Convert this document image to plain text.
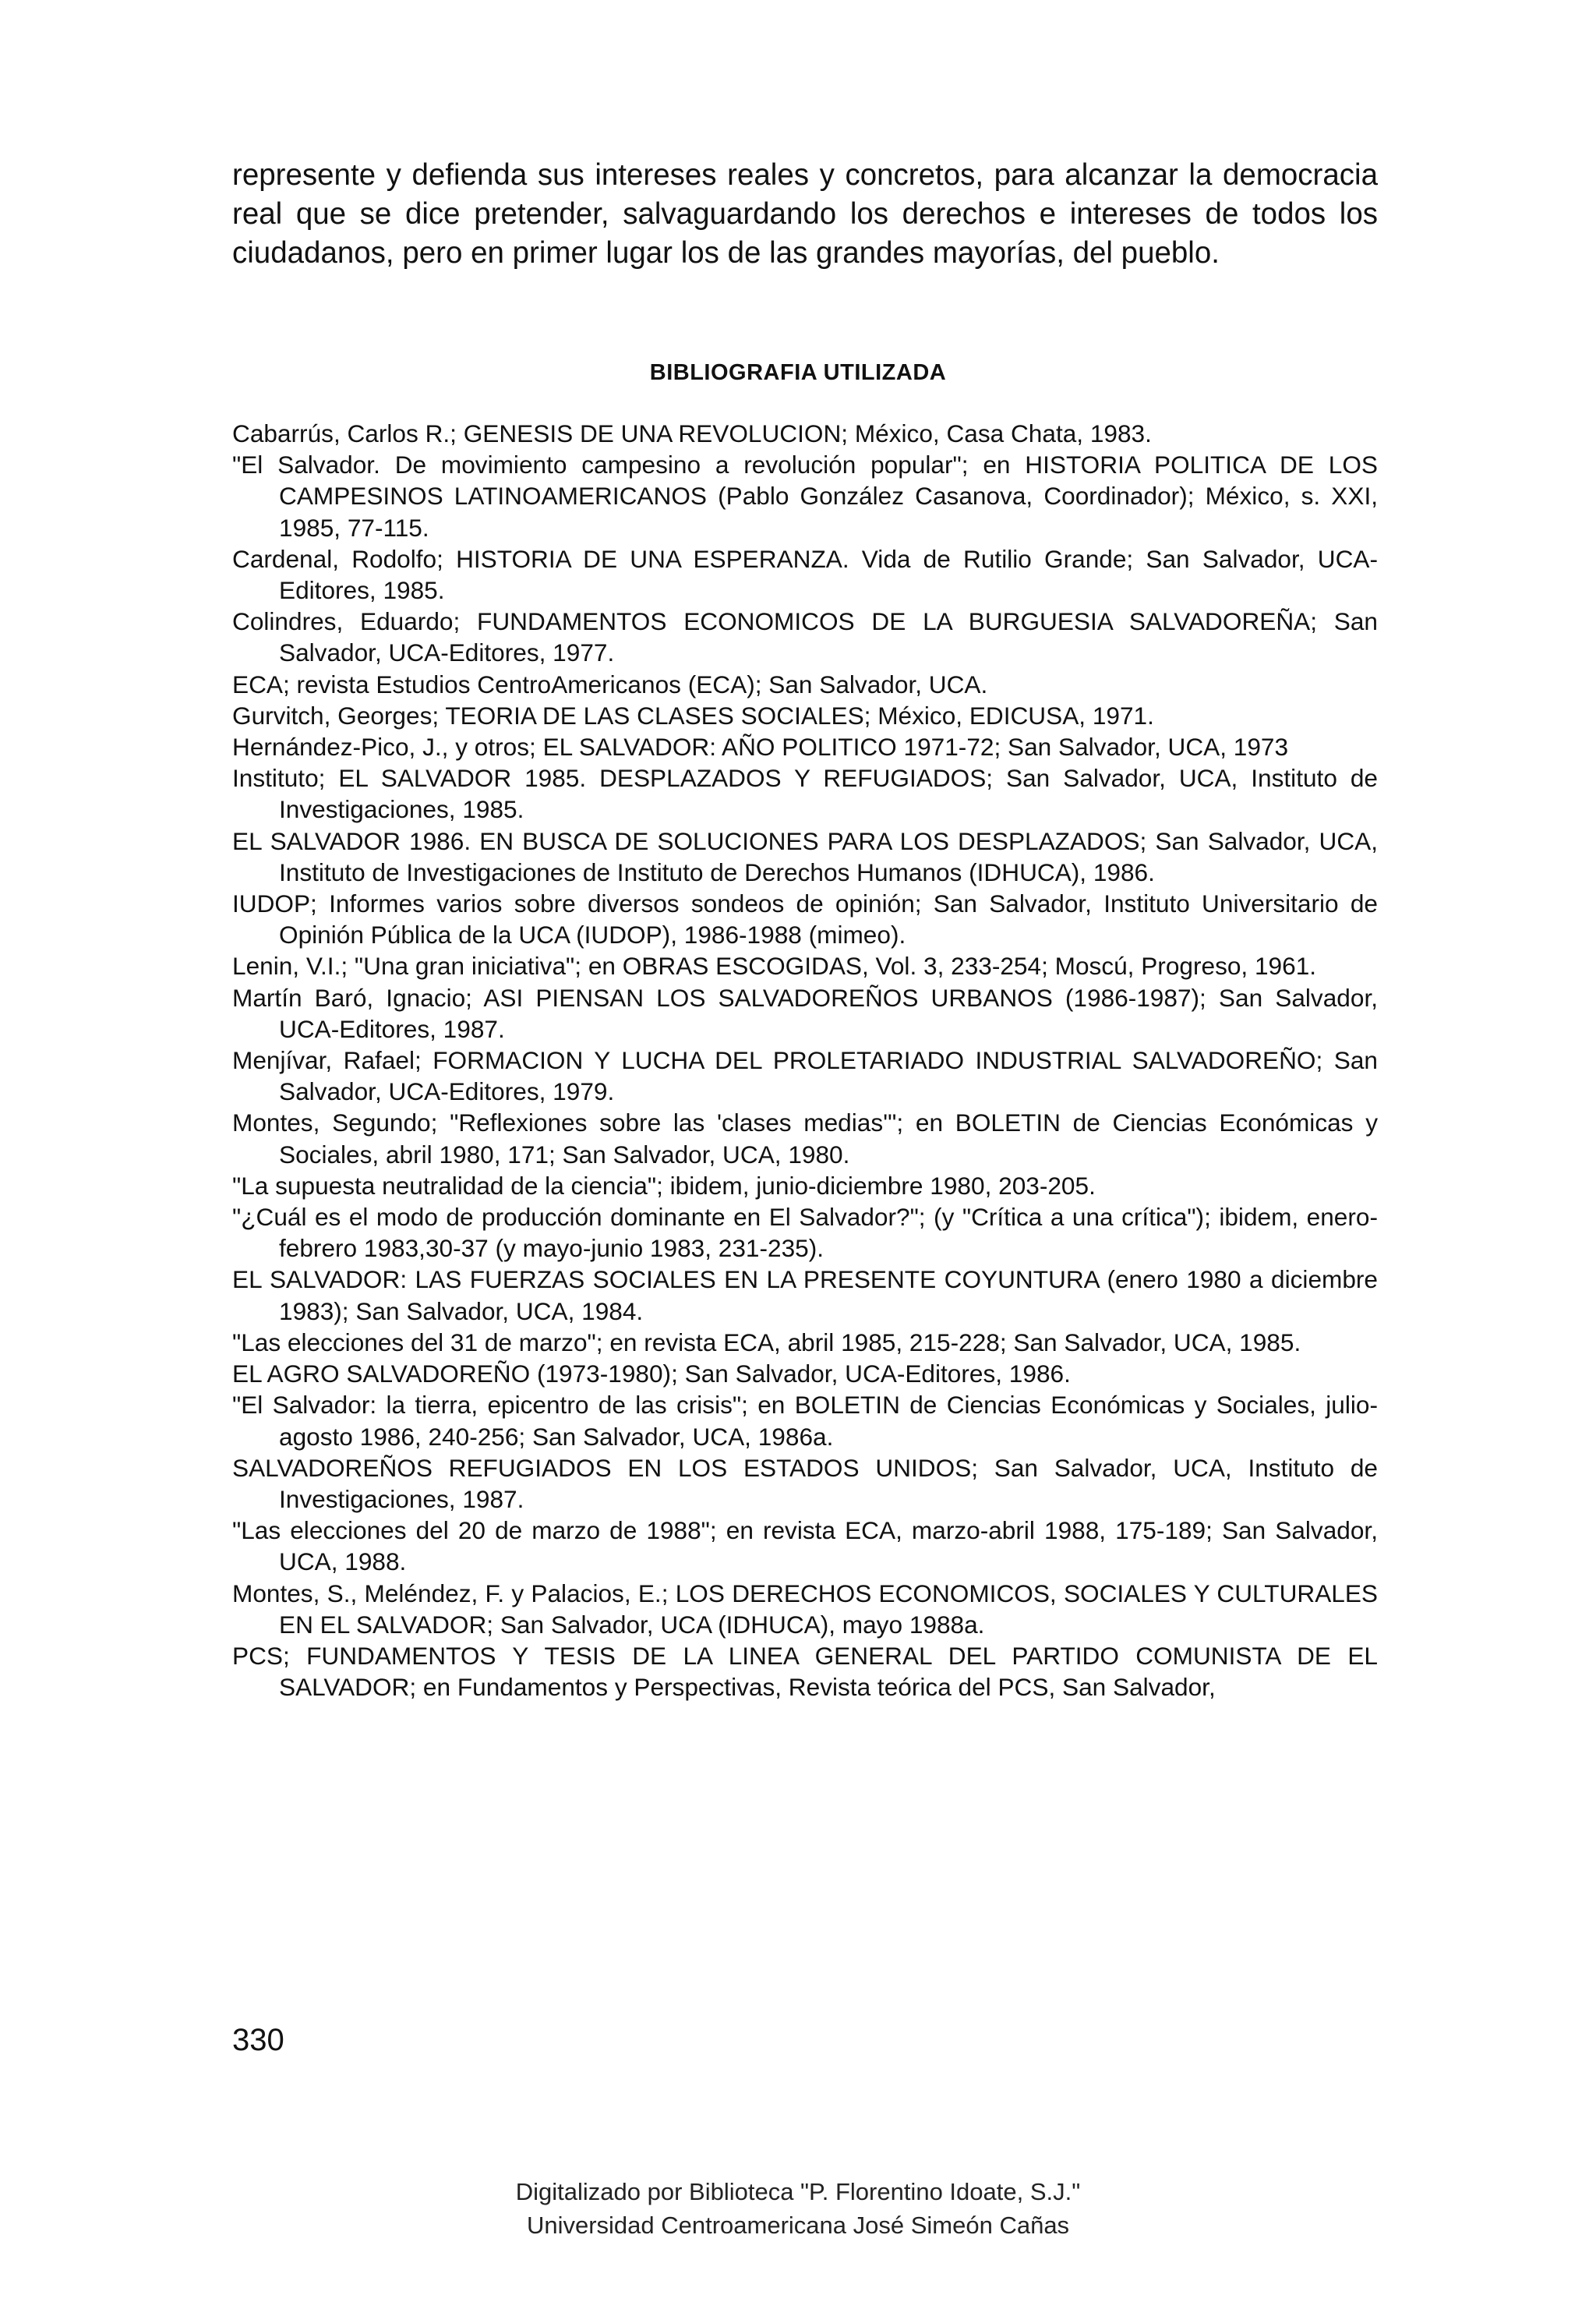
represente y defienda sus intereses reales y concretos, para alcanzar la democracia real que se dice pretender, salvaguardando los derechos e intereses de todos los ciudadanos, pero en primer lugar los de las grandes mayorías, del pueblo.

BIBLIOGRAFIA UTILIZADA
Cabarrús, Carlos R.; GENESIS DE UNA REVOLUCION; México, Casa Chata, 1983.
"El Salvador. De movimiento campesino a revolución popular"; en HISTORIA POLITICA DE LOS CAMPESINOS LATINOAMERICANOS (Pablo González Casanova, Coordinador); México, s. XXI, 1985, 77-115.
Cardenal, Rodolfo; HISTORIA DE UNA ESPERANZA. Vida de Rutilio Grande; San Salvador, UCA-Editores, 1985.
Colindres, Eduardo; FUNDAMENTOS ECONOMICOS DE LA BURGUESIA SALVADOREÑA; San Salvador, UCA-Editores, 1977.
ECA; revista Estudios CentroAmericanos (ECA); San Salvador, UCA.
Gurvitch, Georges; TEORIA DE LAS CLASES SOCIALES; México, EDICUSA, 1971.
Hernández-Pico, J., y otros; EL SALVADOR: AÑO POLITICO 1971-72; San Salvador, UCA, 1973
Instituto; EL SALVADOR 1985. DESPLAZADOS Y REFUGIADOS; San Salvador, UCA, Instituto de Investigaciones, 1985.
EL SALVADOR 1986. EN BUSCA DE SOLUCIONES PARA LOS DESPLAZADOS; San Salvador, UCA, Instituto de Investigaciones de Instituto de Derechos Humanos (IDHUCA), 1986.
IUDOP; Informes varios sobre diversos sondeos de opinión; San Salvador, Instituto Universitario de Opinión Pública de la UCA (IUDOP), 1986-1988 (mimeo).
Lenin, V.I.; "Una gran iniciativa"; en OBRAS ESCOGIDAS, Vol. 3, 233-254; Moscú, Progreso, 1961.
Martín Baró, Ignacio; ASI PIENSAN LOS SALVADOREÑOS URBANOS (1986-1987); San Salvador, UCA-Editores, 1987.
Menjívar, Rafael; FORMACION Y LUCHA DEL PROLETARIADO INDUSTRIAL SALVADOREÑO; San Salvador, UCA-Editores, 1979.
Montes, Segundo; "Reflexiones sobre las 'clases medias'"; en BOLETIN de Ciencias Económicas y Sociales, abril 1980, 171; San Salvador, UCA, 1980.
"La supuesta neutralidad de la ciencia"; ibidem, junio-diciembre 1980, 203-205.
"¿Cuál es el modo de producción dominante en El Salvador?"; (y "Crítica a una crítica"); ibidem, enero-febrero 1983,30-37 (y mayo-junio 1983, 231-235).
EL SALVADOR: LAS FUERZAS SOCIALES EN LA PRESENTE COYUNTURA (enero 1980 a diciembre 1983); San Salvador, UCA, 1984.
"Las elecciones del 31 de marzo"; en revista ECA, abril 1985, 215-228; San Salvador, UCA, 1985.
EL AGRO SALVADOREÑO (1973-1980); San Salvador, UCA-Editores, 1986.
"El Salvador: la tierra, epicentro de las crisis"; en BOLETIN de Ciencias Económicas y Sociales, julio-agosto 1986, 240-256; San Salvador, UCA, 1986a.
SALVADOREÑOS REFUGIADOS EN LOS ESTADOS UNIDOS; San Salvador, UCA, Instituto de Investigaciones, 1987.
"Las elecciones del 20 de marzo de 1988"; en revista ECA, marzo-abril 1988, 175-189; San Salvador, UCA, 1988.
Montes, S., Meléndez, F. y Palacios, E.; LOS DERECHOS ECONOMICOS, SOCIALES Y CULTURALES EN EL SALVADOR; San Salvador, UCA (IDHUCA), mayo 1988a.
PCS; FUNDAMENTOS Y TESIS DE LA LINEA GENERAL DEL PARTIDO COMUNISTA DE EL SALVADOR; en Fundamentos y Perspectivas, Revista teórica del PCS, San Salvador,

330

Digitalizado por Biblioteca "P. Florentino Idoate, S.J."

Universidad Centroamericana José Simeón Cañas
